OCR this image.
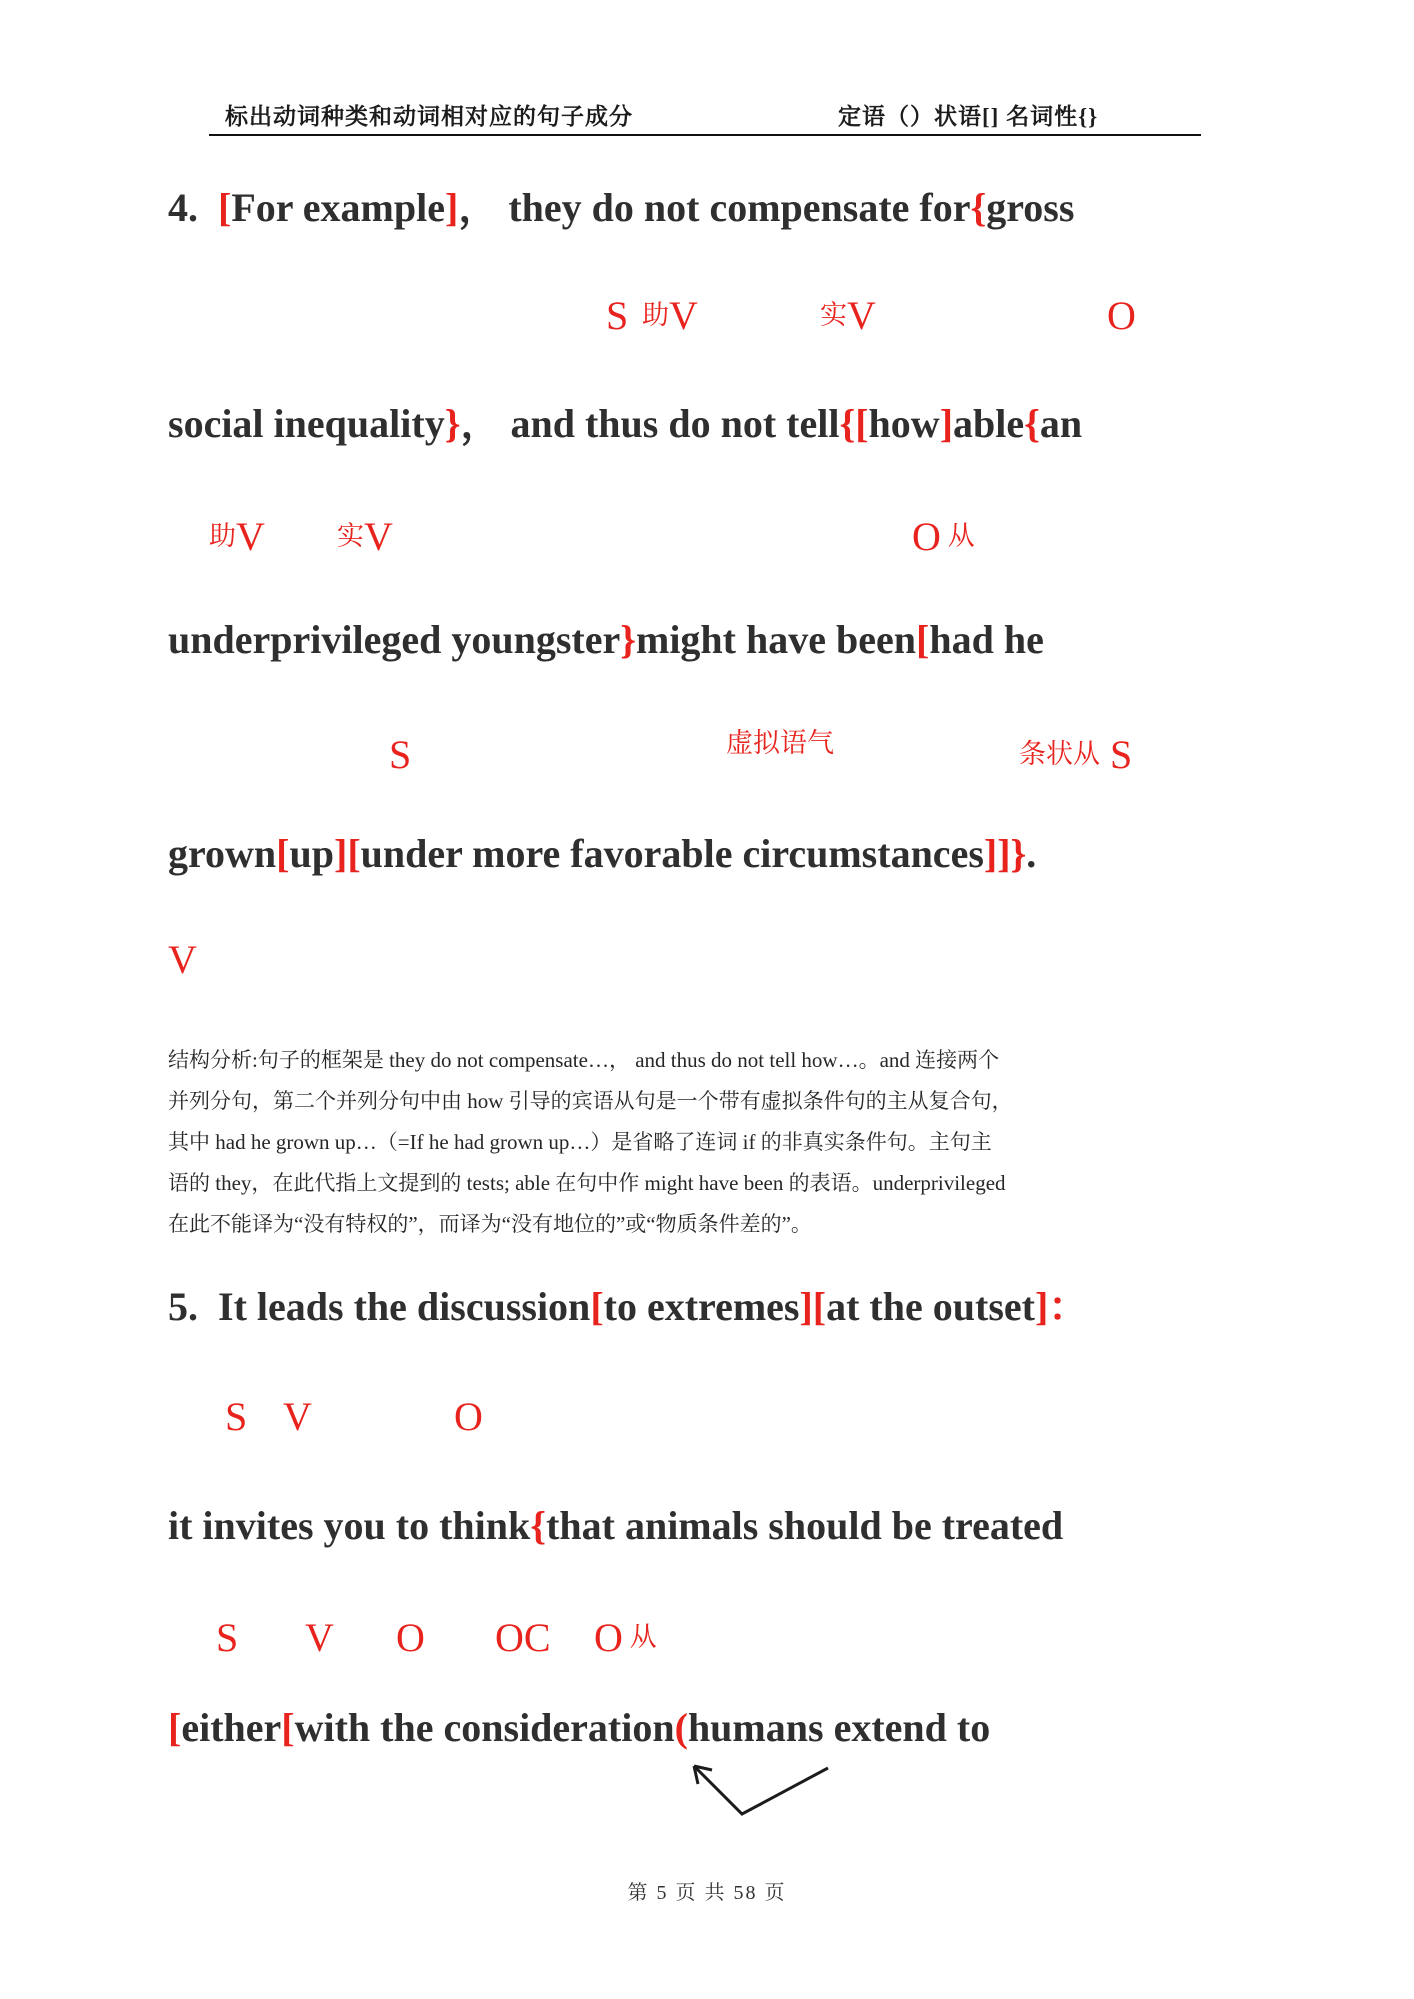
标出动词种类和动词相对应的句子成分	定语（）状语[] 名词性{}
4.  [For example]， they do not compensate for{gross
S 助V	实V	O
social inequality}， and thus do not tell{[how]able{an
助V	实V	O 从
underprivileged youngster}might have been[had he
S	虚拟语气	条状从 S
grown[up][under more favorable circumstances]]}.
V
结构分析:句子的框架是 they do not compensate…， and thus do not tell how…。and 连接两个
并列分句，第二个并列分句中由 how 引导的宾语从句是一个带有虚拟条件句的主从复合句，
其中 had he grown up…（=If he had grown up…）是省略了连词 if 的非真实条件句。主句主
语的 they，在此代指上文提到的 tests; able 在句中作 might have been 的表语。underprivileged
在此不能译为“没有特权的”，而译为“没有地位的”或“物质条件差的”。
5.  It leads the discussion[to extremes][at the outset]：
S V	O
it invites you to think{that animals should be treated
S V O OC O 从
[either[with the consideration(humans extend to
第 5 页 共 58 页
